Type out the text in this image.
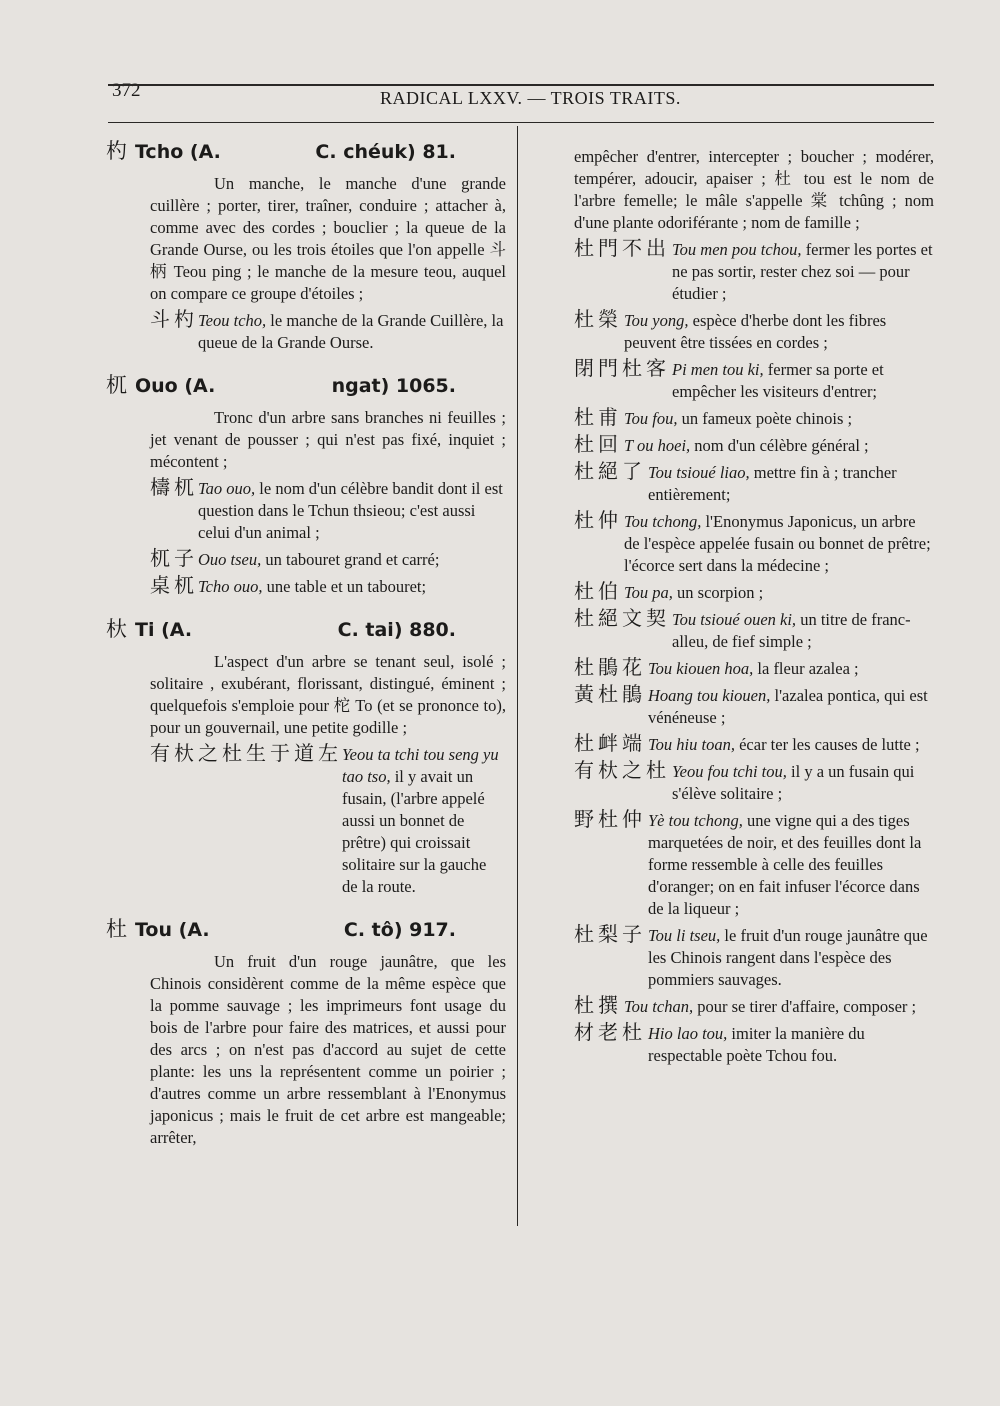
372	RADICAL LXXV. — TROIS TRAITS.
杓 Tcho (A.	C. chéuk) 81.

Un manche, le manche d'une grande cuillère ; porter, tirer, traîner, conduire ; attacher à, comme avec des cordes ; bouclier ; la queue de la Grande Ourse, ou les trois étoiles que l'on appelle 斗柄 Teou ping ; le manche de la mesure teou, auquel on compare ce groupe d'étoiles ;

斗杓 Teou tcho, le manche de la Grande Cuillère, la queue de la Grande Ourse.
杌 Ouo (A.	ngat) 1065.

Tronc d'un arbre sans branches ni feuilles ; jet venant de pousser ; qui n'est pas fixé, inquiet ; mécontent ;

檮杌 Tao ouo, le nom d'un célèbre bandit dont il est question dans le Tchun thsieou; c'est aussi celui d'un animal ;
杌子 Ouo tseu, un tabouret grand et carré;
桌杌 Tcho ouo, une table et un tabouret;
杕 Ti (A.	C. tai) 880.

L'aspect d'un arbre se tenant seul, isolé ; solitaire , exubérant, florissant, distingué, éminent ; quelquefois s'emploie pour 柁 To (et se prononce to), pour un gouvernail, une petite godille ;

有杕之杜生于道左 Yeou ta tchi tou seng yu tao tso, il y avait un fusain, (l'arbre appelé aussi un bonnet de prêtre) qui croissait solitaire sur la gauche de la route.
杜 Tou (A.	C. tô) 917.

Un fruit d'un rouge jaunâtre, que les Chinois considèrent comme de la même espèce que la pomme sauvage ; les imprimeurs font usage du bois de l'arbre pour faire des matrices, et aussi pour des arcs ; on n'est pas d'accord au sujet de cette plante: les uns la représentent comme un poirier ; d'autres comme un arbre ressemblant à l'Enonymus japonicus ; mais le fruit de cet arbre est mangeable; arrêter,

empêcher d'entrer, intercepter ; boucher ; modérer, tempérer, adoucir, apaiser ; 杜 tou est le nom de l'arbre femelle; le mâle s'appelle 棠 tchûng ; nom d'une plante odoriférante ; nom de famille ;

杜門不出 Tou men pou tchou, fermer les portes et ne pas sortir, rester chez soi — pour étudier ;
杜榮 Tou yong, espèce d'herbe dont les fibres peuvent être tissées en cordes ;
閉門杜客 Pi men tou ki, fermer sa porte et empêcher les visiteurs d'entrer;
杜甫 Tou fou, un fameux poète chinois ;
杜回 T ou hoei, nom d'un célèbre général ;
杜絕了 Tou tsioué liao, mettre fin à ; trancher entièrement;
杜仲 Tou tchong, l'Enonymus Japonicus, un arbre de l'espèce appelée fusain ou bonnet de prêtre; l'écorce sert dans la médecine ;
杜伯 Tou pa, un scorpion ;
杜絕文契 Tou tsioué ouen ki, un titre de franc-alleu, de fief simple ;
杜鵑花 Tou kiouen hoa, la fleur azalea ;
黃杜鵑 Hoang tou kiouen, l'azalea pontica, qui est vénéneuse ;
杜衅端 Tou hiu toan, écar ter les causes de lutte ;
有杕之杜 Yeou fou tchi tou, il y a un fusain qui s'élève solitaire ;
野杜仲 Yè tou tchong, une vigne qui a des tiges marquetées de noir, et des feuilles dont la forme ressemble à celle des feuilles d'oranger; on en fait infuser l'écorce dans de la liqueur ;
杜梨子 Tou li tseu, le fruit d'un rouge jaunâtre que les Chinois rangent dans l'espèce des pommiers sauvages.
杜撰 Tou tchan, pour se tirer d'affaire, composer ;
材老杜 Hio lao tou, imiter la manière du respectable poète Tchou fou.
